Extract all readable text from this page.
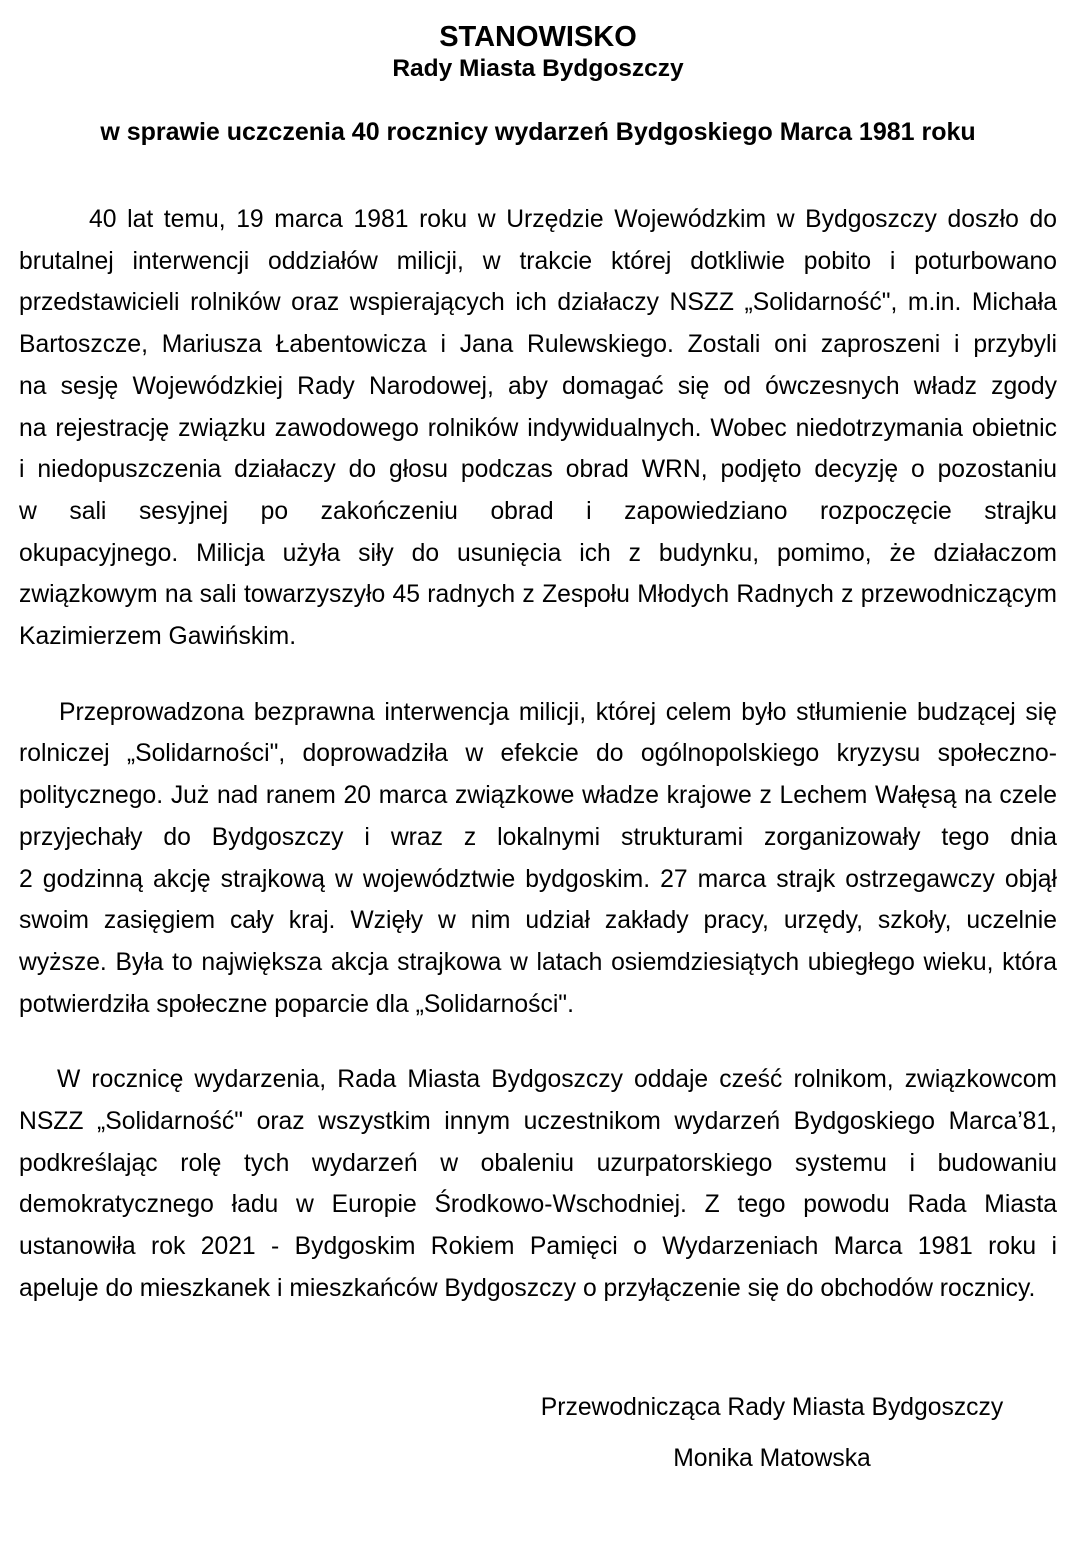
STANOWISKO
Rady Miasta Bydgoszczy
w sprawie uczczenia 40 rocznicy wydarzeń Bydgoskiego Marca 1981 roku
40 lat temu, 19 marca 1981 roku w Urzędzie Wojewódzkim w Bydgoszczy doszło do
brutalnej interwencji oddziałów milicji, w trakcie której dotkliwie pobito i poturbowano
przedstawicieli rolników oraz wspierających ich działaczy NSZZ „Solidarność", m.in. Michała
Bartoszcze, Mariusza Łabentowicza i Jana Rulewskiego. Zostali oni zaproszeni i przybyli
na sesję Wojewódzkiej Rady Narodowej, aby domagać się od ówczesnych władz zgody
na rejestrację związku zawodowego rolników indywidualnych. Wobec niedotrzymania obietnic
i niedopuszczenia działaczy do głosu podczas obrad WRN, podjęto decyzję o pozostaniu
w sali sesyjnej po zakończeniu obrad i zapowiedziano rozpoczęcie strajku
okupacyjnego. Milicja użyła siły do usunięcia ich z budynku, pomimo, że działaczom
związkowym na sali towarzyszyło 45 radnych z Zespołu Młodych Radnych z przewodniczącym
Kazimierzem Gawińskim.
Przeprowadzona bezprawna interwencja milicji, której celem było stłumienie budzącej się
rolniczej „Solidarności", doprowadziła w efekcie do ogólnopolskiego kryzysu społeczno-
politycznego. Już nad ranem 20 marca związkowe władze krajowe z Lechem Wałęsą na czele
przyjechały do Bydgoszczy i wraz z lokalnymi strukturami zorganizowały tego dnia
2 godzinną akcję strajkową w województwie bydgoskim. 27 marca strajk ostrzegawczy objął
swoim zasięgiem cały kraj. Wzięły w nim udział zakłady pracy, urzędy, szkoły, uczelnie
wyższe. Była to największa akcja strajkowa w latach osiemdziesiątych ubiegłego wieku, która
potwierdziła społeczne poparcie dla „Solidarności".
W rocznicę wydarzenia, Rada Miasta Bydgoszczy oddaje cześć rolnikom, związkowcom
NSZZ „Solidarność" oraz wszystkim innym uczestnikom wydarzeń Bydgoskiego Marca’81,
podkreślając rolę tych wydarzeń w obaleniu uzurpatorskiego systemu i budowaniu
demokratycznego ładu w Europie Środkowo-Wschodniej. Z tego powodu Rada Miasta
ustanowiła rok 2021 - Bydgoskim Rokiem Pamięci o Wydarzeniach Marca 1981 roku i
apeluje do mieszkanek i mieszkańców Bydgoszczy o przyłączenie się do obchodów rocznicy.
Przewodnicząca Rady Miasta Bydgoszczy
Monika Matowska
